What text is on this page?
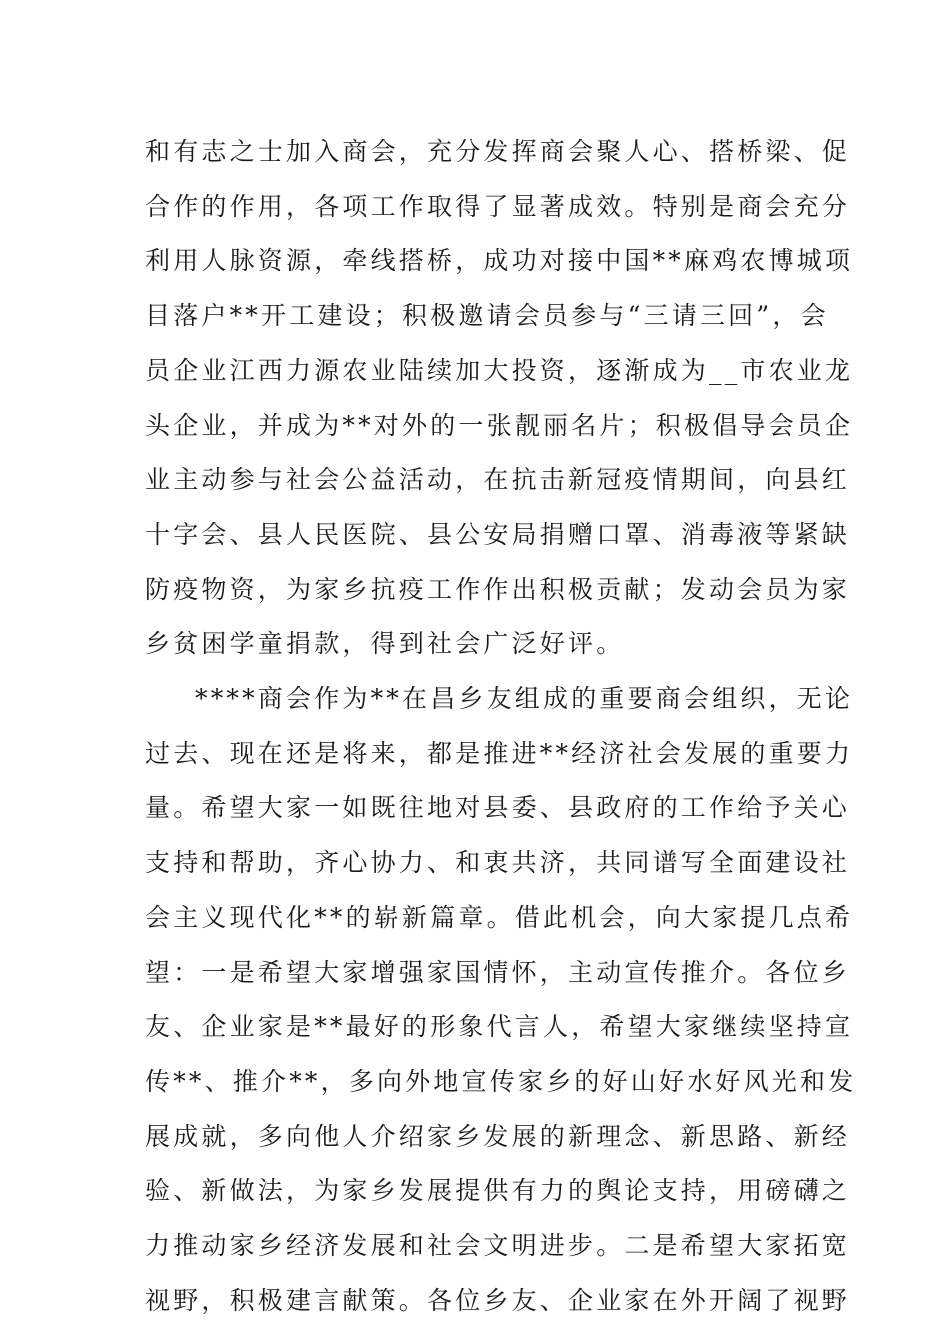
和有志之士加入商会，充分发挥商会聚人心、搭桥梁、促
合作的作用，各项工作取得了显著成效。特别是商会充分
利用人脉资源，牵线搭桥，成功对接中国**麻鸡农博城项
目落户**开工建设；积极邀请会员参与“三请三回”，会
员企业江西力源农业陆续加大投资，逐渐成为__市农业龙
头企业，并成为**对外的一张靓丽名片；积极倡导会员企
业主动参与社会公益活动，在抗击新冠疫情期间，向县红
十字会、县人民医院、县公安局捐赠口罩、消毒液等紧缺
防疫物资，为家乡抗疫工作作出积极贡献；发动会员为家
乡贫困学童捐款，得到社会广泛好评。
****商会作为**在昌乡友组成的重要商会组织，无论
过去、现在还是将来，都是推进**经济社会发展的重要力
量。希望大家一如既往地对县委、县政府的工作给予关心
支持和帮助，齐心协力、和衷共济，共同谱写全面建设社
会主义现代化**的崭新篇章。借此机会，向大家提几点希
望：一是希望大家增强家国情怀，主动宣传推介。各位乡
友、企业家是**最好的形象代言人，希望大家继续坚持宣
传**、推介**，多向外地宣传家乡的好山好水好风光和发
展成就，多向他人介绍家乡发展的新理念、新思路、新经
验、新做法，为家乡发展提供有力的舆论支持，用磅礴之
力推动家乡经济发展和社会文明进步。二是希望大家拓宽
视野，积极建言献策。各位乡友、企业家在外开阔了视野
